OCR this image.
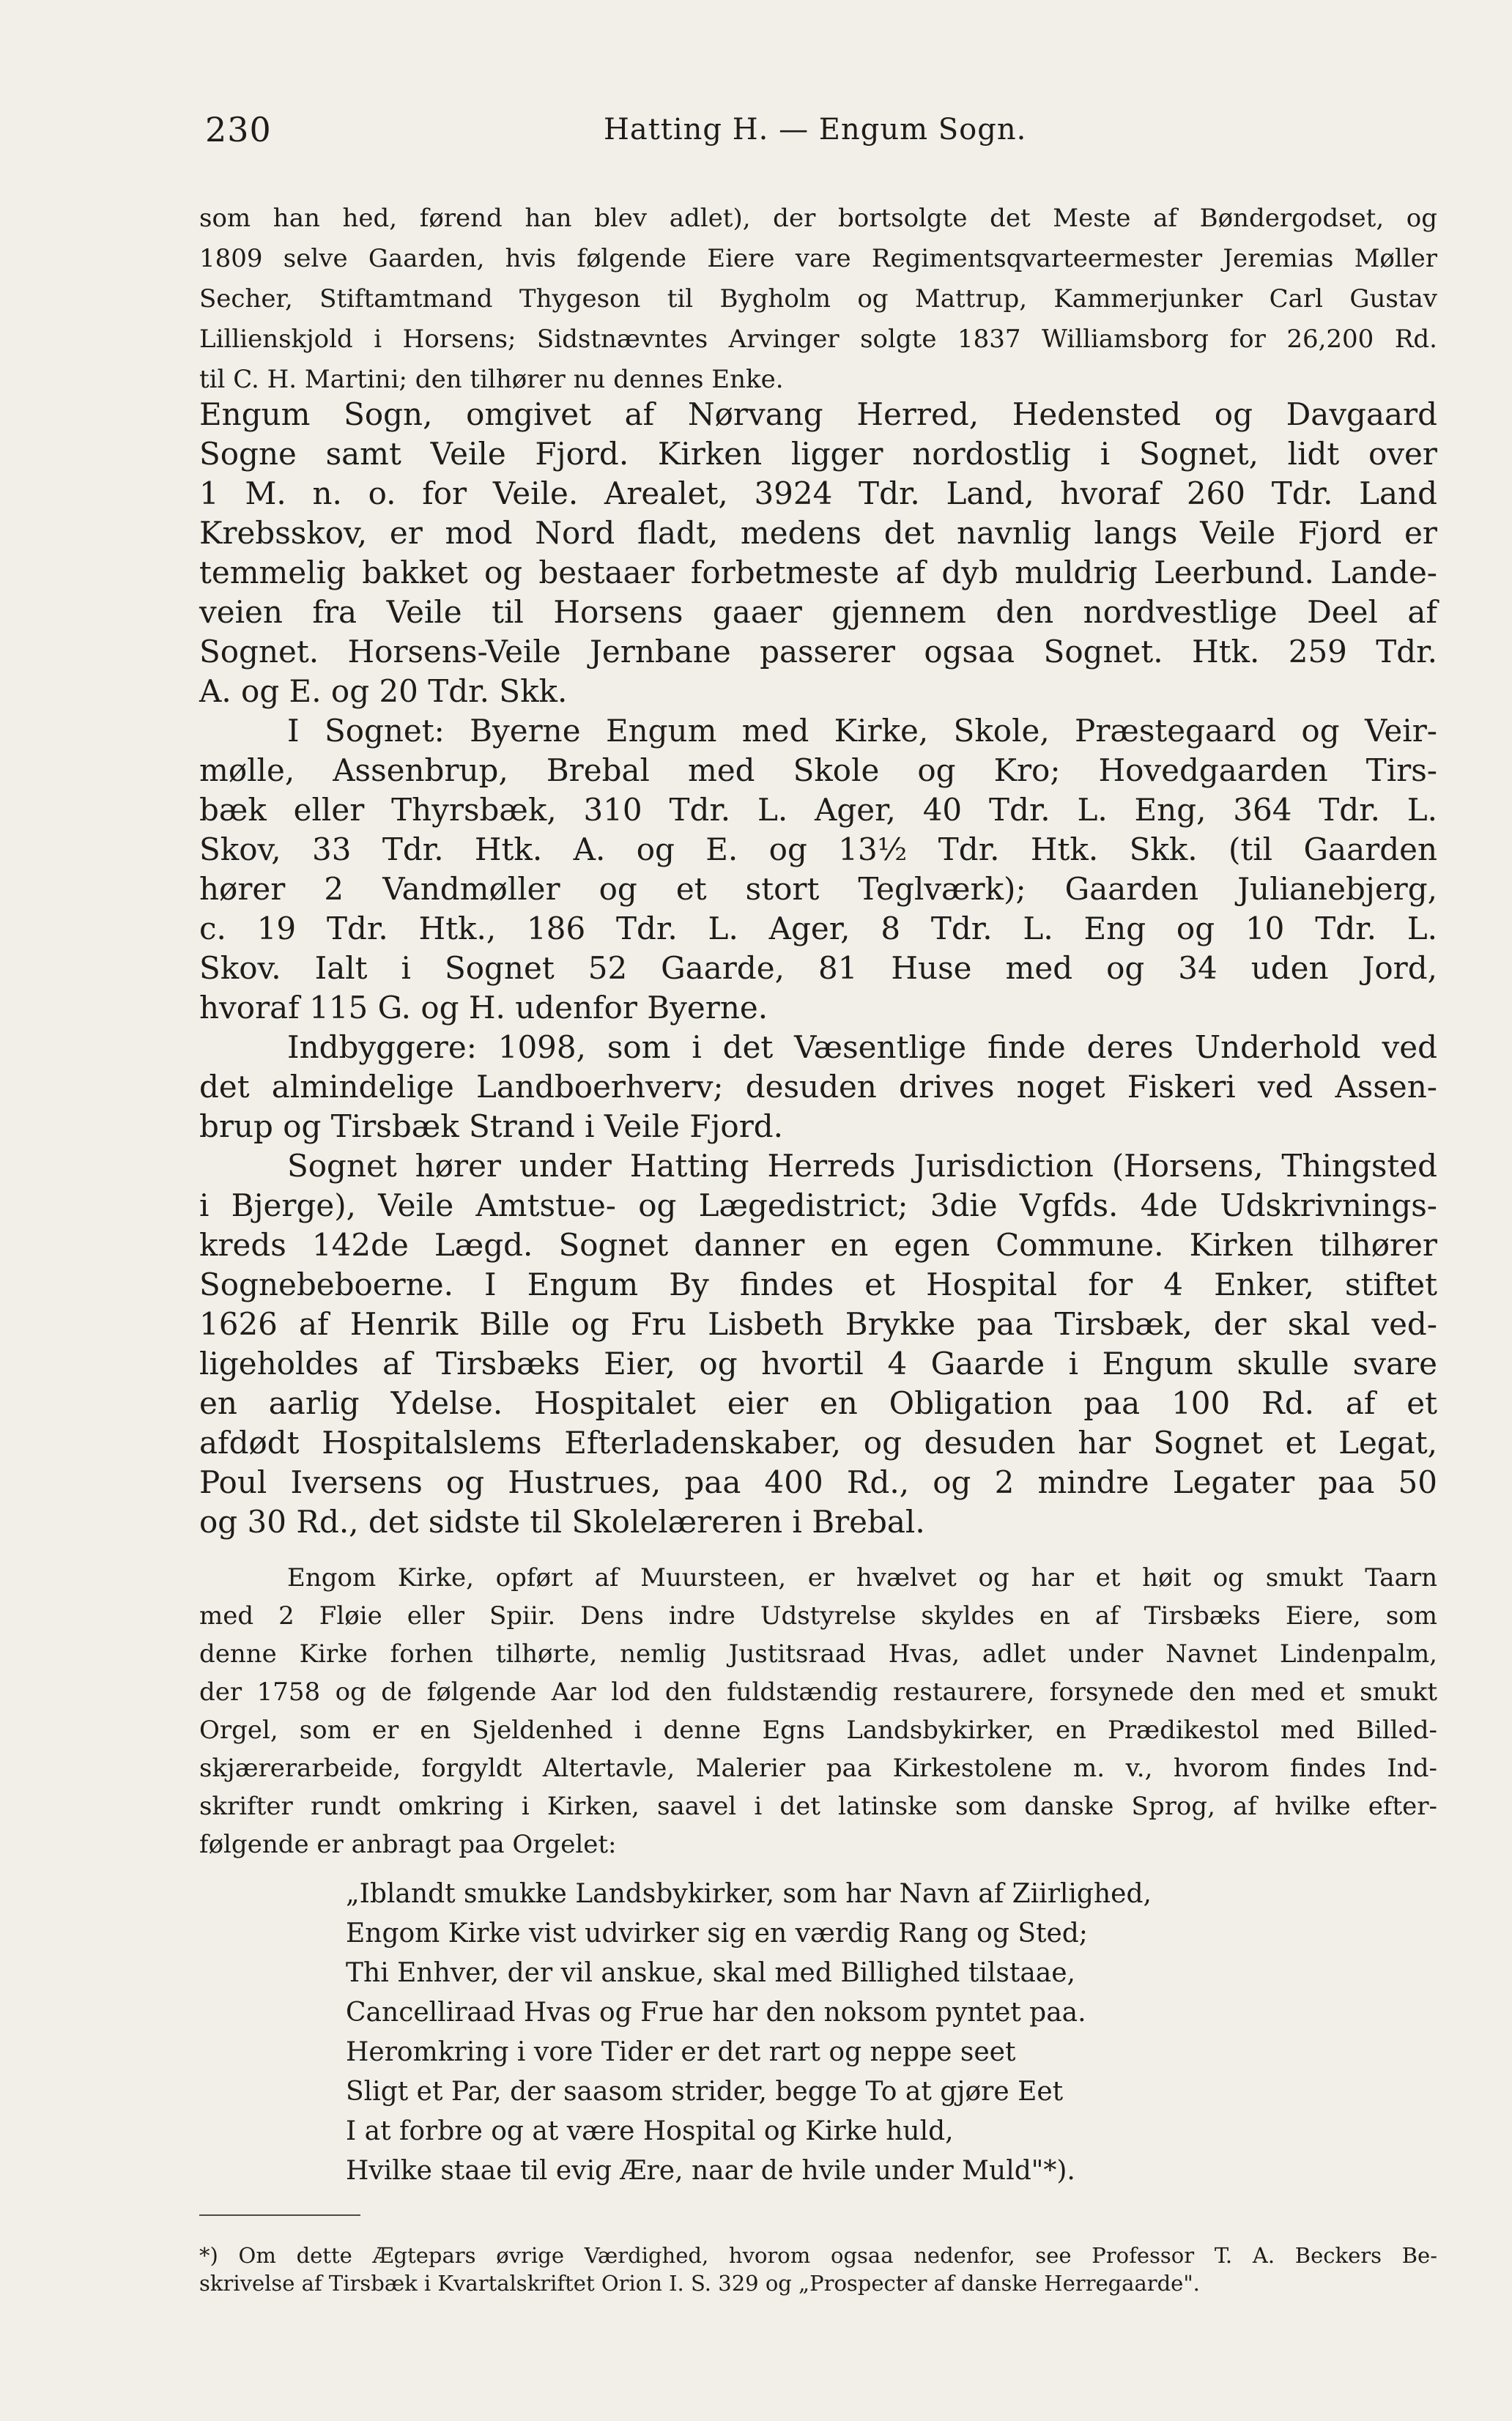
230	Hatting H. — Engum Sogn.
som han hed, førend han blev adlet), der bortsolgte det Meste af Bøndergodset, og
1809 selve Gaarden, hvis følgende Eiere vare Regimentsqvarteermester Jeremias Møller
Secher, Stiftamtmand Thygeson til Bygholm og Mattrup, Kammerjunker Carl Gustav
Lillienskjold i Horsens; Sidstnævntes Arvinger solgte 1837 Williamsborg for 26,200 Rd.
til C. H. Martini; den tilhører nu dennes Enke.
Engum Sogn, omgivet af Nørvang Herred, Hedensted og Davgaard
Sogne samt Veile Fjord. Kirken ligger nordostlig i Sognet, lidt over
1 M. n. o. for Veile. Arealet, 3924 Tdr. Land, hvoraf 260 Tdr. Land
Krebsskov, er mod Nord fladt, medens det navnlig langs Veile Fjord er
temmelig bakket og bestaaer forbetmeste af dyb muldrig Leerbund. Lande-
veien fra Veile til Horsens gaaer gjennem den nordvestlige Deel af
Sognet. Horsens-Veile Jernbane passerer ogsaa Sognet. Htk. 259 Tdr.
A. og E. og 20 Tdr. Skk.
I Sognet: Byerne Engum med Kirke, Skole, Præstegaard og Veir-
mølle, Assenbrup, Brebal med Skole og Kro; Hovedgaarden Tirs-
bæk eller Thyrsbæk, 310 Tdr. L. Ager, 40 Tdr. L. Eng, 364 Tdr. L.
Skov, 33 Tdr. Htk. A. og E. og 13½ Tdr. Htk. Skk. (til Gaarden
hører 2 Vandmøller og et stort Teglværk); Gaarden Julianebjerg,
c. 19 Tdr. Htk., 186 Tdr. L. Ager, 8 Tdr. L. Eng og 10 Tdr. L.
Skov. Ialt i Sognet 52 Gaarde, 81 Huse med og 34 uden Jord,
hvoraf 115 G. og H. udenfor Byerne.
Indbyggere: 1098, som i det Væsentlige finde deres Underhold ved
det almindelige Landboerhverv; desuden drives noget Fiskeri ved Assen-
brup og Tirsbæk Strand i Veile Fjord.
Sognet hører under Hatting Herreds Jurisdiction (Horsens, Thingsted
i Bjerge), Veile Amtstue- og Lægedistrict; 3die Vgfds. 4de Udskrivnings-
kreds 142de Lægd. Sognet danner en egen Commune. Kirken tilhører
Sognebeboerne. I Engum By findes et Hospital for 4 Enker, stiftet
1626 af Henrik Bille og Fru Lisbeth Brykke paa Tirsbæk, der skal ved-
ligeholdes af Tirsbæks Eier, og hvortil 4 Gaarde i Engum skulle svare
en aarlig Ydelse. Hospitalet eier en Obligation paa 100 Rd. af et
afdødt Hospitalslems Efterladenskaber, og desuden har Sognet et Legat,
Poul Iversens og Hustrues, paa 400 Rd., og 2 mindre Legater paa 50
og 30 Rd., det sidste til Skolelæreren i Brebal.
Engom Kirke, opført af Muursteen, er hvælvet og har et høit og smukt Taarn
med 2 Fløie eller Spiir. Dens indre Udstyrelse skyldes en af Tirsbæks Eiere, som
denne Kirke forhen tilhørte, nemlig Justitsraad Hvas, adlet under Navnet Lindenpalm,
der 1758 og de følgende Aar lod den fuldstændig restaurere, forsynede den med et smukt
Orgel, som er en Sjeldenhed i denne Egns Landsbykirker, en Prædikestol med Billed-
skjærerarbeide, forgyldt Altertavle, Malerier paa Kirkestolene m. v., hvorom findes Ind-
skrifter rundt omkring i Kirken, saavel i det latinske som danske Sprog, af hvilke efter-
følgende er anbragt paa Orgelet:
„Iblandt smukke Landsbykirker, som har Navn af Ziirlighed,
Engom Kirke vist udvirker sig en værdig Rang og Sted;
Thi Enhver, der vil anskue, skal med Billighed tilstaae,
Cancelliraad Hvas og Frue har den noksom pyntet paa.
Heromkring i vore Tider er det rart og neppe seet
Sligt et Par, der saasom strider, begge To at gjøre Eet
I at forbre og at være Hospital og Kirke huld,
Hvilke staae til evig Ære, naar de hvile under Muld"*).
*) Om dette Ægtepars øvrige Værdighed, hvorom ogsaa nedenfor, see Professor T. A. Beckers Be-
skrivelse af Tirsbæk i Kvartalskriftet Orion I. S. 329 og „Prospecter af danske Herregaarde".
